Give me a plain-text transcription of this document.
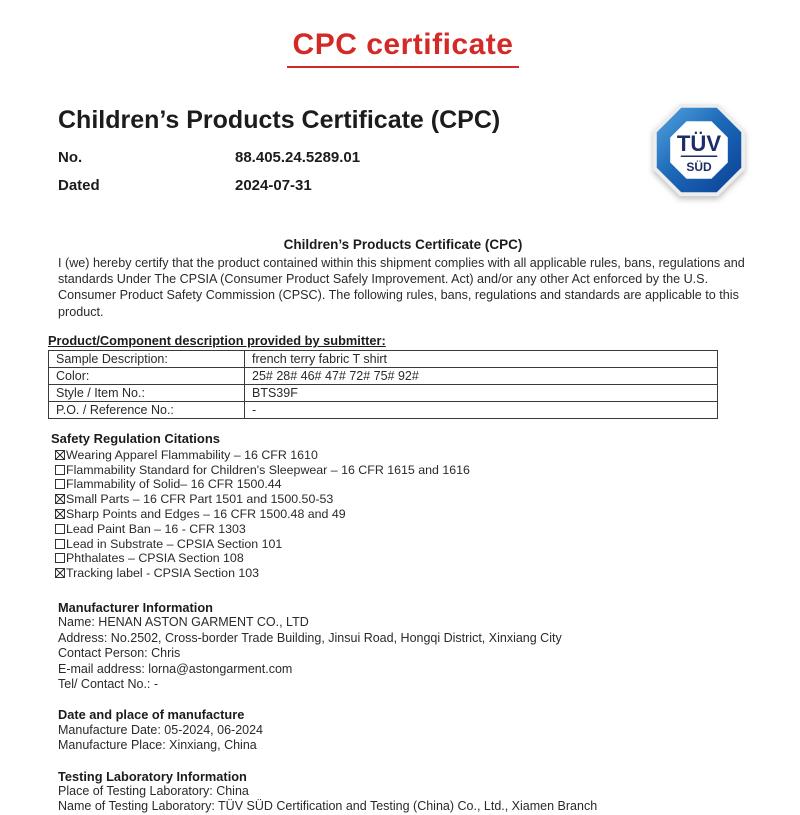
CPC certificate
Children’s Products Certificate (CPC)
No.	88.405.24.5289.01
Dated	2024-07-31
TÜV
SÜD
Children’s Products Certificate (CPC)

I (we) hereby certify that the product contained within this shipment complies with all applicable rules, bans, regulations and standards Under The CPSIA (Consumer Product Safely Improvement. Act) and/or any other Act enforced by the U.S. Consumer Product Safety Commission (CPSC). The following rules, bans, regulations and standards are applicable to this product.

Product/Component description provided by submitter:
Sample Description:	french terry fabric T shirt
Color:	25# 28# 46# 47# 72# 75# 92#
Style / Item No.:	BTS39F
P.O. / Reference No.:	-
Safety Regulation Citations
Wearing Apparel Flammability – 16 CFR 1610
Flammability Standard for Children's Sleepwear – 16 CFR 1615 and 1616
Flammability of Solid– 16 CFR 1500.44
Small Parts – 16 CFR Part 1501 and 1500.50-53
Sharp Points and Edges – 16 CFR 1500.48 and 49
Lead Paint Ban – 16 - CFR 1303
Lead in Substrate – CPSIA Section 101
Phthalates – CPSIA Section 108
Tracking label - CPSIA Section 103
Manufacturer Information
Name: HENAN ASTON GARMENT CO., LTD
Address: No.2502, Cross-border Trade Building, Jinsui Road, Hongqi District, Xinxiang City
Contact Person: Chris
E-mail address: lorna@astongarment.com
Tel/ Contact No.: -
Date and place of manufacture
Manufacture Date: 05-2024, 06-2024
Manufacture Place: Xinxiang, China
Testing Laboratory Information
Place of Testing Laboratory: China
Name of Testing Laboratory: TÜV SÜD Certification and Testing (China) Co., Ltd., Xiamen Branch
